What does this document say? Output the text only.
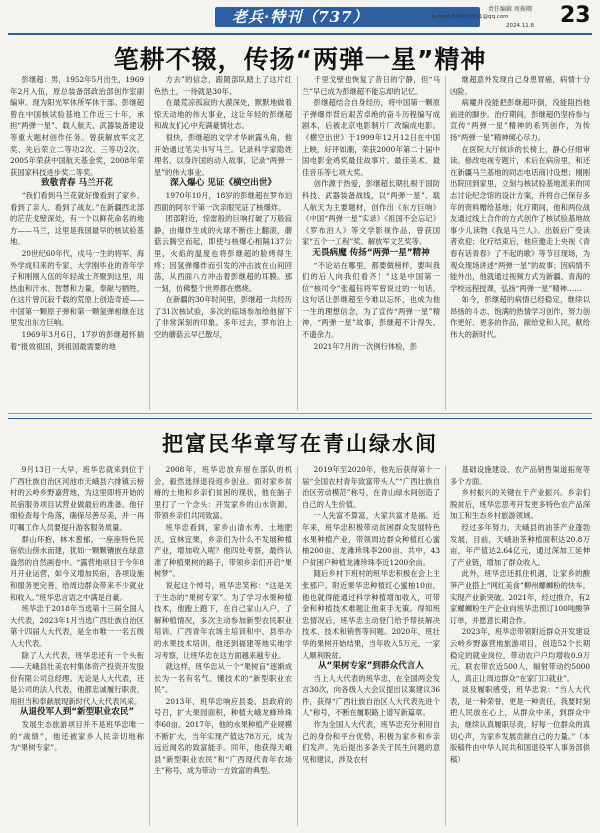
老兵·特刊（737）	责任编辑 周振卿
e-mail:836902911@qq.com
2024.11.8 23
笔耕不辍，传扬“两弹一星”精神

彭继超：男，1952年5月出生，1969年2月入伍，原总装备部政治部创作室副编审。现为阳光军休所军休干部。彭继超曾在中国核试验基地工作近三十年，承担“两弹一星”、载人航天、武器装备建设等重大题材创作任务。曾获解放军文艺奖、先后荣立二等功2次、三等功2次。2005年荣获中国航天基金奖，2008年荣获国家科技进步奖二等奖。

致敬青春 马兰开花

“我们看到马兰花就好像看到了家乡、看到了亲人、看到了战友。”在新疆西北部的茫茫戈壁深处，有一个以鲜花命名的地方——马兰，这里是我国最早的核试验基地。

20世纪60年代，戍马一生的将军、海外学成归来的专家、大学刚毕业的青年学子和刚刚入伍的年轻战士齐聚到这里，用热血和汗水、智慧和力量，奉献与牺牲，在这片曾沉寂千载的荒原上创造奇迹——中国第一颗原子弹和第一颗氢弹相继在这里发出东方巨响。

1969年3月6日，17岁的彭继超怀揣着“报效祖国，到祖国最需要的地

方去”的信念，跟随部队踏上了这片红色热土，一待就是30年。

在最荒凉孤寂的大漠深处，默默地做着惊天动地的伟大事业，这让年轻的彭继超和战友们心中充满豪情壮志。

很快，彭继超的文学才华崭露头角，他开始通过笔尖书写马兰。记录科学家隐姓埋名、以身许国的动人故事，记录“两弹一星”的伟大事业。

深入爆心 见证《横空出世》

1970年10月，18岁的彭继超在罗布泊西面的阿尔干第一次亲眼见证了核爆炸。

团部附近，惊雷般的巨响打破了万般寂静，由爆炸生成的火球不断往上翻滚，蘑菇云腾空而起，即使与核爆心相隔137公里，火焰的温度也将彭继超的脸烤得生疼；因氢弹爆炸而引发的冲击波在山间回荡，从西面八方冲击着彭继超的耳膜。那一刻，仿佛整个世界都在燃烧。

在新疆的30年时间里，彭继超一共经历了31次核试验，多次的临场参加给他留下了非常深刻的印象。多年过去，罗布泊上空的蘑菇云早已散尽，

千里戈壁也恢复了昔日的宁静，但“马兰”早已成为彭继超不能忘却的记忆。

彭继超结合自身经历，将中国第一颗原子弹爆炸背后艰苦卓绝的奋斗历程编写成剧本，后被北京电影制片厂改编成电影。《横空出世》于1999年12月12日在中国上映，好评如潮，荣获2000年第二十届中国电影金鸡奖最佳故事片、最佳美术、最佳音乐等七项大奖。

创作源于热爱，彭继超长期扎根于国防科技、武器装备战线，以“两弹一星”、载人航天为主要题材，创作出《东方巨响》《中国“两弹一星”实录》《祖国不会忘记》《罗布泊人》等文学影视作品，曾获国家“五个一工程”奖、解放军文艺奖等。

无畏病魔 传扬“两弹一星”精神

“不论站在哪里，都要做榜样，要叫我们的后人向我们看齐！”这是中国第一位“核司令”张蕴钰将军曾说过的一句话，这句话让彭继超至今难以忘怀，也成为他一生的理想信念，为了宣传“两弹一星”精神，“两弹一星”故事，彭继超不计得失、不遗余力。

2021年7月的一次例行体检，彭

继超意外发现自己身患胃癌，病情十分凶险。

病魔并没能把彭继超吓倒，没能阻挡他前进的脚步。治疗期间，彭继超仍坚持参与宣传“两弹一星”精神的系列创作，为传扬“两弹一星”精神倾心尽力。

在医院大厅候诊的长椅上，静心仔细审读、修改电视专题片，术后在病房里，和还在新疆马兰基地的同志电话商讨设想；刚刚出院回到家里，立刻与核试验基地派来的同志讨论纪念馆的设计方案，并将自己保存多年的资料赠给基地；化疗期间，他和两位战友通过线上合作的方式创作了核试验基地故事少儿读物《我是马兰人》。出版后广受读者欢迎；化疗结束后，他应邀走上央视《青春有话青春》了不起的歌》等节目现场，为观众现场讲述“两弹一星”的故事；因病情不能外出，他就通过视频方式为新疆、青海的学校远程授课，弘扬“两弹一星”精神……

如今，彭继超的病情已经稳定，继续以昂扬的斗志、饱满的热情学习创作，努力创作更好、更多的作品，献给党和人民，献给伟大的新时代。

把富民华章写在青山绿水间

9月13日一大早，班华忠就来到位于广西壮族自治区河池市天峨县六排镇云榜村的云岭乡野嘉营地，为这里即将开始的民宿服务项目试营业做最后的准备。他仔细检查每个角落，确保尽善尽美，并一再叮嘱工作人员要提升游客服务质量。

群山环抱，林木葱郁，一座座特色民宿依山傍水而建，犹如一颗颗镶嵌在绿意盎然的自然画卷中。“露营地项目于今年8月开业运营，如今又增加民宿，各项设施和服务更完善，给周边群众带来不少就业和收入。”班华忠言语之中满是自豪。

班华忠于2018年当选第十三届全国人大代表，2023年1月当选广西壮族自治区第十四届人大代表，是全市唯一一名五级人大代表。

除了人大代表，班华忠还有一个头衔——天峨县壮美农村集体资产投资开发股份有限公司总经理。无论是人大代表，还是公司的法人代表，他都忠诚履行职责，用担当和奉献展现新时代人大代表风采。

从退役军人到“新型职业农民”

发展生态旅游项目并不是班华忠唯一的“战绩”，他还被家乡人民亲切地称为“果树专家”。

2008年，班华忠放弃留在部队的机会，毅然选择退役返乡创业。面对家乡贫瘠的土地和乡亲们贫困的现状，他在脑子里打了一个念头：开发家乡的山水资源，带领乡亲们共同致富。

班华忠看到，家乡山清水秀、土地肥沃，宜林宜果，乡亲们为什么不发展种植产业，增加收入呢？他四处考察，最终认准了种植果树的路子，带领乡亲们开启“果树梦”。

说起这个绰号，班华忠笑称：“这是关于生态的“果树专家”。为了学习水果种植技术，他跑上跑下，在自己家山入户，了解种植情况，多次主动参加新型农民职业培训、广西青年农场主培训和中、县举办的水果技术培训，他还到福建等地实地学习考察，让班华忠在这方面越来越专业。

就这样，班华忠从一个“果树盲”逐渐成长为一名有名气、懂技术的“新型职业农民”。

2013年，班华忠响应县委、县政府的号召，扩大果园面积，种植大峨龙蜂珍珠李60亩。2017年，他的水果种植产业规模不断扩大，当年实现产值达78万元，成为远近闻名的致富能手。同年，他获得天峨县“新型职业农民”和“广西现代青年农场主”称号，成为带动一方致富的典型。

2019年至2020年，他先后获得第十一届“全国农村青年致富带头人”“广西壮族自治区劳动模范”称号，在青山绿水间创造了自己的人生价值。

一人先富不算富，大家共富才是福。近年来，班华忠积极带动贫困群众发展特色水果种植产业，带领周边群众种植红心蜜柚200亩、龙滩珍珠李200亩、共中，43户贫困户种植龙滩珍珠李近1200余亩。

随后乡村下班村的班华忠积极在会上主张那户。附近果华忠种植红心蜜柚10亩，他也就得能通过科学种植增加收入，可带金和种植技术难题让他束手无策。得知班忠情况后，班华忠主动登门给予帮扶解决技术、技术和销售等问题。2020年，班壮华的果树开始结果，当年收入5万元，一家人顺利脱贫。

从“果树专家”到群众代言人

当上人大代表的班华忠，在全国两会发言30次，向各级人大会议提出议案建议36件，获得“广西壮族自治区人大代表先进个人”称号，不断在履职路上谱写新篇章。

作为全国人大代表，班华忠充分利用自己的身份和平台优势，积极为家乡和乡亲们发声。先后提出多条关于民生问题的意见和建议，涉及农村

基础设施建设、农产品销售渠道拓宽等多个方面。

乡村振兴的关键在于产业振兴。乡亲们脱贫后，班华忠思考开发更多特色农产品深加工和生态乡村旅游领域。

经过多年努力，天峨县的油茶产业蓬勃发展，目前，天峨油茶种植面积达20.8万亩，年产值达2.64亿元，通过深加工延伸了产业链，增加了群众收入。

此外，班华忠还抓住机遇，让家乡的酸笋产业搭上“网红美食”柳州螺蛳粉的快车，实现产业新突破。2021年，经过推介，有2家螺蛳粉生产企业向班华忠预订100吨酸笋订单，并愿意长期合作。

2023年，班华忠带领附近群众开发建设云岭乡野嘉营地旅游项目，创造52个长期稳定的就业岗位，带动农户户均增收0.9万元，联农带农近500人，辐射带动约5000人，真正让周边群众“在家门口就业”。

谈及履职感受，班华忠说：“当人大代表，是一种荣誉，更是一种责任，我要时刻把人民放在心上，从群众中来，到群众中去，继续认真履职尽责，好每一位群众的真切心声，为家乡发展贡献自己的力量。”（本版稿件由中华人民共和国退役军人事务部供稿）
